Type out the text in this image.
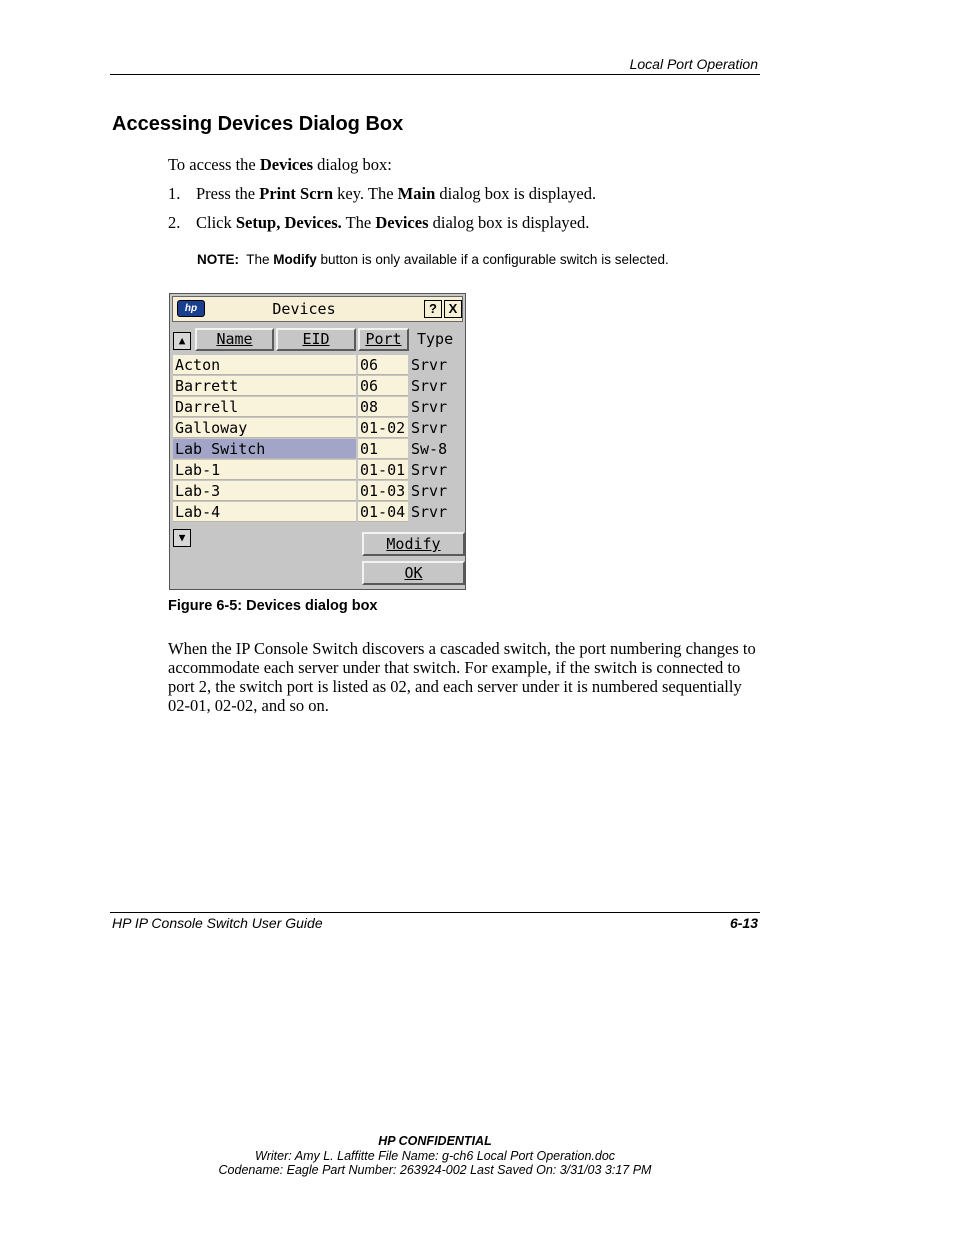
Local Port Operation
Accessing Devices Dialog Box
To access the Devices dialog box:
1. Press the Print Scrn key. The Main dialog box is displayed.
2. Click Setup, Devices. The Devices dialog box is displayed.
NOTE: The Modify button is only available if a configurable switch is selected.
hp	Devices	? X
▲	Name	EID	Port	Type
Acton	06	Srvr
Barrett	06	Srvr
Darrell	08	Srvr
Galloway	01-02 Srvr
Lab Switch	01	Sw-8
Lab-1	01-01 Srvr
Lab-3	01-03 Srvr
Lab-4	01-04 Srvr
▼	Modify
OK
Figure 6-5: Devices dialog box
When the IP Console Switch discovers a cascaded switch, the port numbering changes to accommodate each server under that switch. For example, if the switch is connected to port 2, the switch port is listed as 02, and each server under it is numbered sequentially 02-01, 02-02, and so on.
HP IP Console Switch User Guide	6-13
HP CONFIDENTIAL
Writer: Amy L. Laffitte File Name: g-ch6 Local Port Operation.doc
Codename: Eagle Part Number: 263924-002 Last Saved On: 3/31/03 3:17 PM
